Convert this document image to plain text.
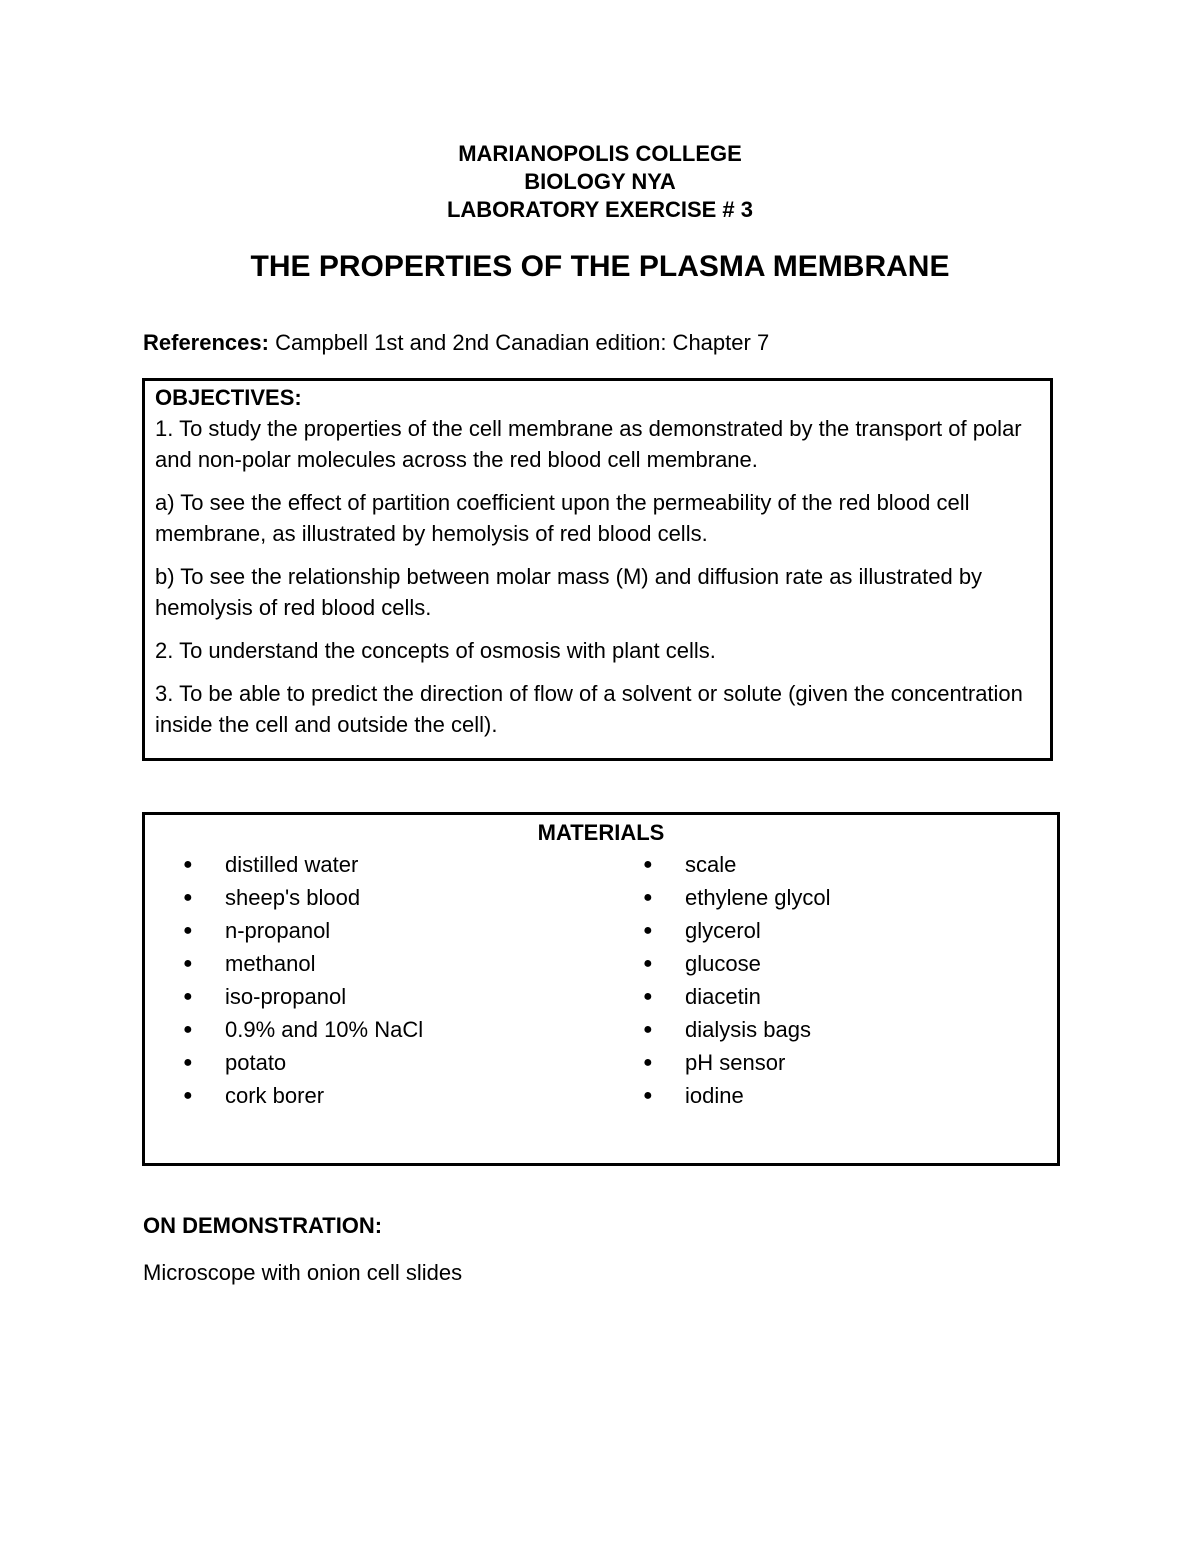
MARIANOPOLIS COLLEGE
BIOLOGY NYA
LABORATORY EXERCISE # 3
THE PROPERTIES OF THE PLASMA MEMBRANE
References: Campbell 1st and 2nd Canadian edition: Chapter 7
OBJECTIVES:

1. To study the properties of the cell membrane as demonstrated by the transport of polar and non-polar molecules across the red blood cell membrane.

a) To see the effect of partition coefficient upon the permeability of the red blood cell membrane, as illustrated by hemolysis of red blood cells.

b) To see the relationship between molar mass (M) and diffusion rate as illustrated by hemolysis of red blood cells.

2. To understand the concepts of osmosis with plant cells.

3. To be able to predict the direction of flow of a solvent or solute (given the concentration inside the cell and outside the cell).

MATERIALS
● distilled water
● sheep's blood
● n-propanol
● methanol
● iso-propanol
● 0.9% and 10% NaCl
● potato
● cork borer
● scale
● ethylene glycol
● glycerol
● glucose
● diacetin
● dialysis bags
● pH sensor
● iodine
ON DEMONSTRATION:
Microscope with onion cell slides
